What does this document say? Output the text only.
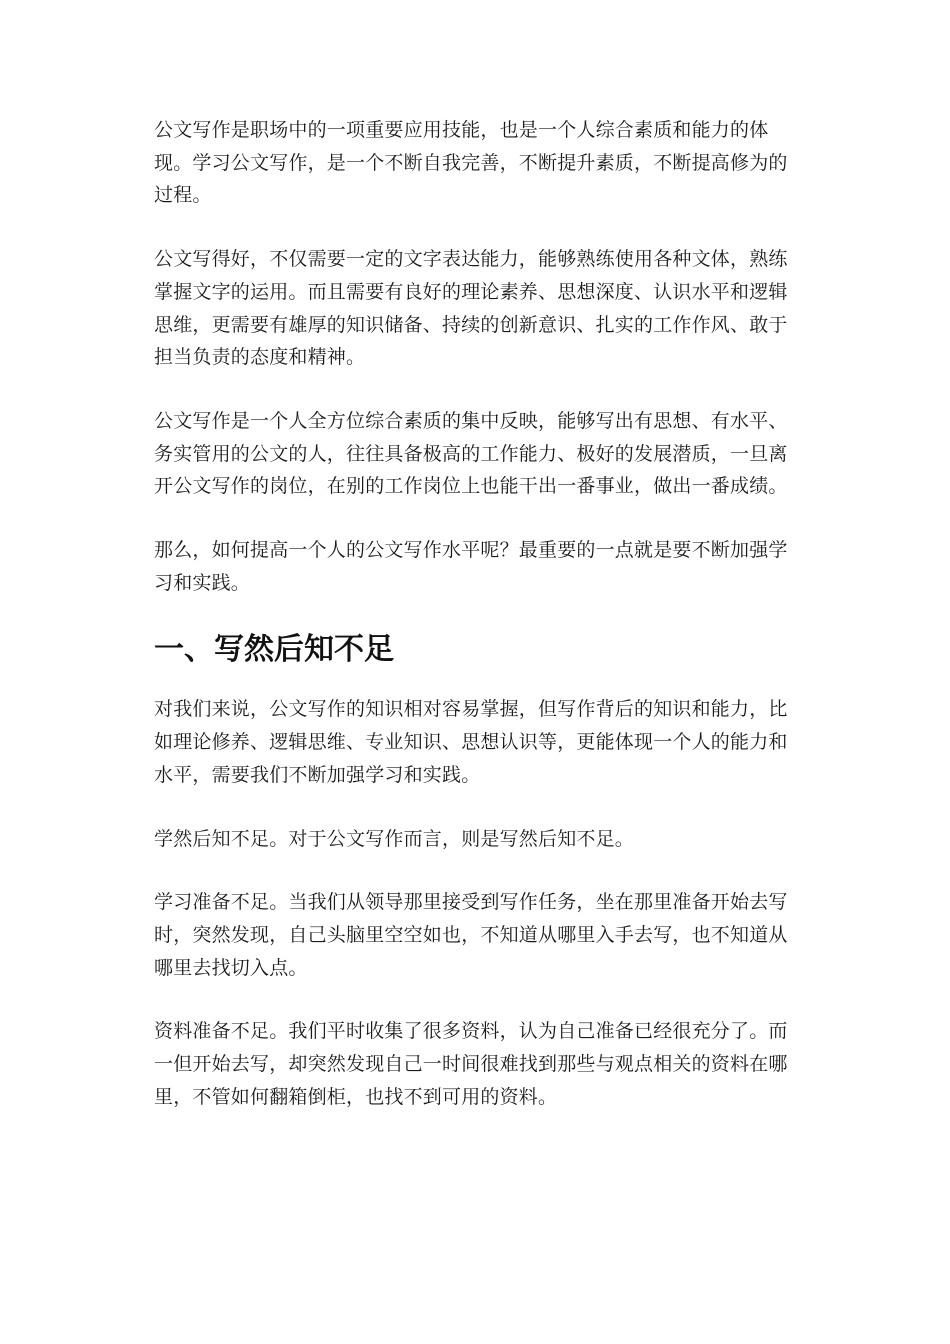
公文写作是职场中的一项重要应用技能，也是一个人综合素质和能力的体现。学习公文写作，是一个不断自我完善，不断提升素质，不断提高修为的过程。

公文写得好，不仅需要一定的文字表达能力，能够熟练使用各种文体，熟练掌握文字的运用。而且需要有良好的理论素养、思想深度、认识水平和逻辑思维，更需要有雄厚的知识储备、持续的创新意识、扎实的工作作风、敢于担当负责的态度和精神。

公文写作是一个人全方位综合素质的集中反映，能够写出有思想、有水平、务实管用的公文的人，往往具备极高的工作能力、极好的发展潜质，一旦离开公文写作的岗位，在别的工作岗位上也能干出一番事业，做出一番成绩。

那么，如何提高一个人的公文写作水平呢？最重要的一点就是要不断加强学习和实践。

一、写然后知不足

对我们来说，公文写作的知识相对容易掌握，但写作背后的知识和能力，比如理论修养、逻辑思维、专业知识、思想认识等，更能体现一个人的能力和水平，需要我们不断加强学习和实践。

学然后知不足。对于公文写作而言，则是写然后知不足。

学习准备不足。当我们从领导那里接受到写作任务，坐在那里准备开始去写时，突然发现，自己头脑里空空如也，不知道从哪里入手去写，也不知道从哪里去找切入点。

资料准备不足。我们平时收集了很多资料，认为自己准备已经很充分了。而一但开始去写，却突然发现自己一时间很难找到那些与观点相关的资料在哪里，不管如何翻箱倒柜，也找不到可用的资料。
